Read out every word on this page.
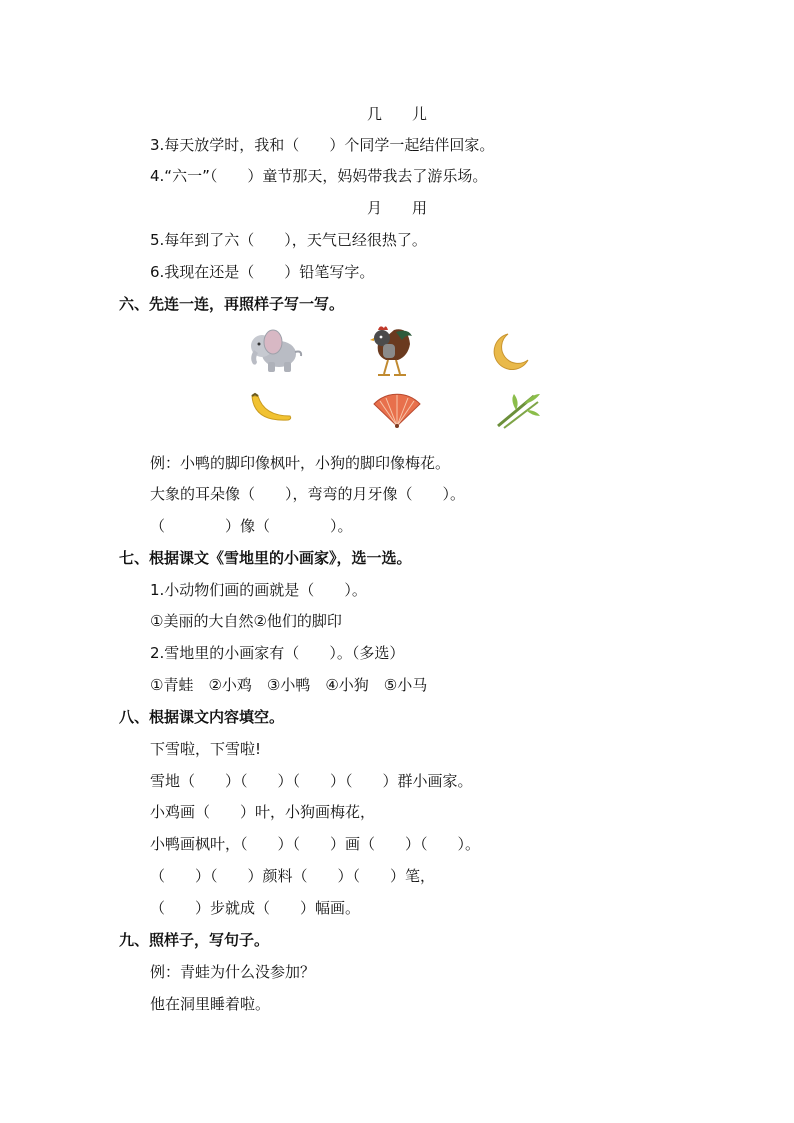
几　　儿
3.每天放学时，我和（　　）个同学一起结伴回家。
4.“六一”（　　）童节那天，妈妈带我去了游乐场。
月　　用
5.每年到了六（　　），天气已经很热了。
6.我现在还是（　　）铅笔写字。
六、先连一连，再照样子写一写。
例：小鸭的脚印像枫叶，小狗的脚印像梅花。
大象的耳朵像（　　），弯弯的月牙像（　　）。
（　　　　）像（　　　　）。
七、根据课文《雪地里的小画家》，选一选。
1.小动物们画的画就是（　　）。
①美丽的大自然②他们的脚印
2.雪地里的小画家有（　　）。（多选）
①青蛙　②小鸡　③小鸭　④小狗　⑤小马
八、根据课文内容填空。
下雪啦，下雪啦!
雪地（　　）（　　）（　　）（　　）群小画家。
小鸡画（　　）叶，小狗画梅花，
小鸭画枫叶，（　　）（　　）画（　　）（　　）。
（　　）（　　）颜料（　　）（　　）笔，
（　　）步就成（　　）幅画。
九、照样子，写句子。
例：青蛙为什么没参加？
他在洞里睡着啦。
